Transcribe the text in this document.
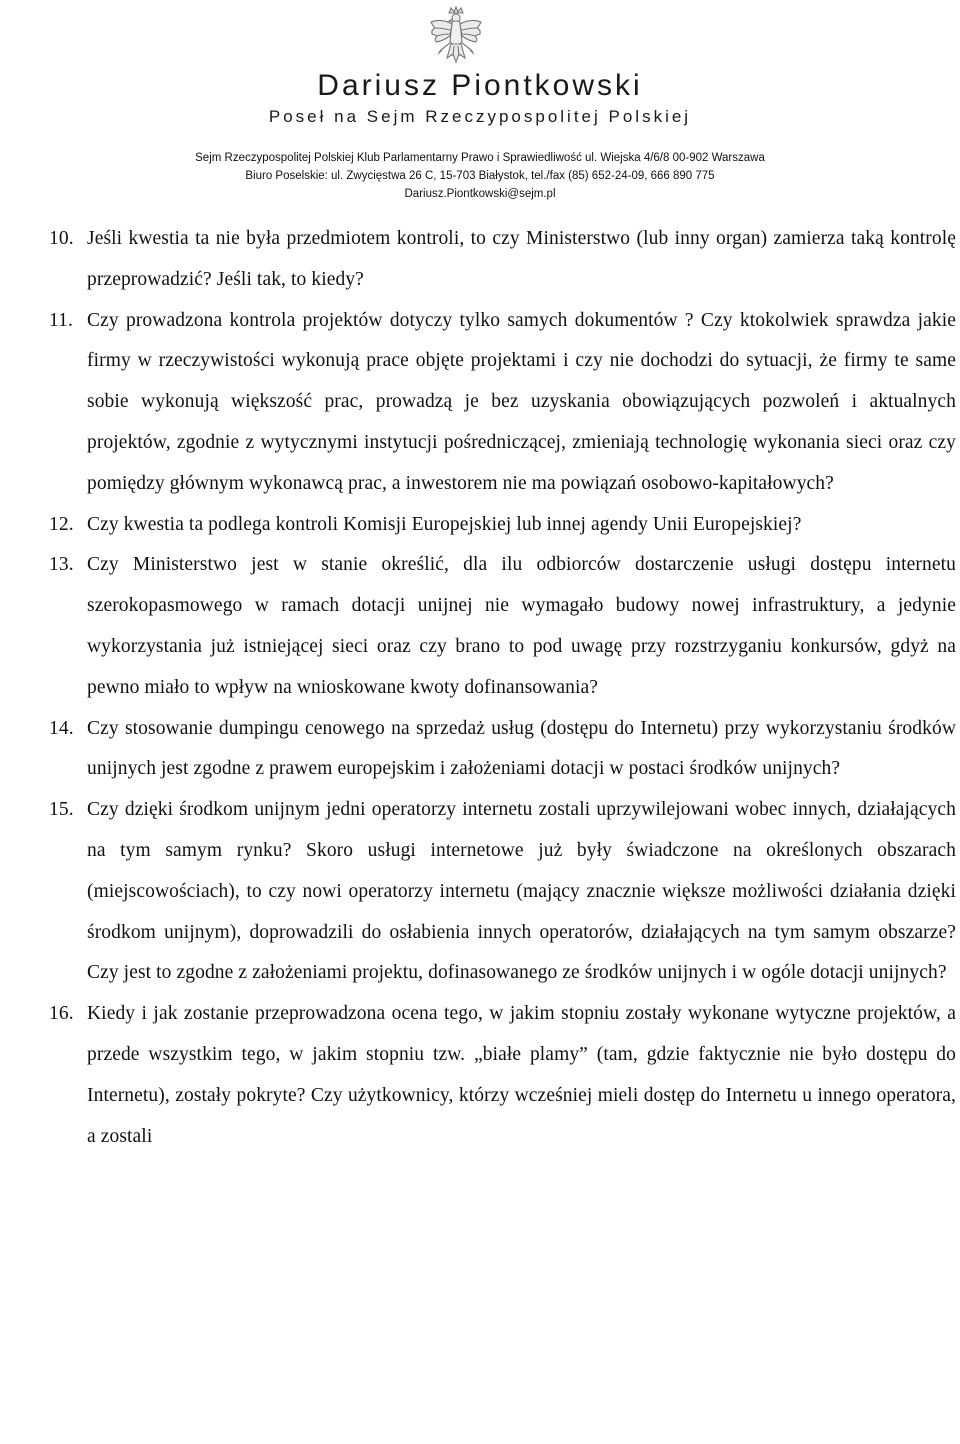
Dariusz Piontkowski
Poseł na Sejm Rzeczypospolitej Polskiej
Sejm Rzeczypospolitej Polskiej Klub Parlamentarny Prawo i Sprawiedliwość ul. Wiejska 4/6/8 00-902 Warszawa
Biuro Poselskie: ul. Zwycięstwa 26 C, 15-703 Białystok, tel./fax (85) 652-24-09, 666 890 775
Dariusz.Piontkowski@sejm.pl
10. Jeśli kwestia ta nie była przedmiotem kontroli, to czy Ministerstwo (lub inny organ) zamierza taką kontrolę przeprowadzić? Jeśli tak, to kiedy?
11. Czy prowadzona kontrola projektów dotyczy tylko samych dokumentów ? Czy ktokolwiek sprawdza jakie firmy w rzeczywistości wykonują prace objęte projektami i czy nie dochodzi do sytuacji, że firmy te same sobie wykonują większość prac, prowadzą je bez uzyskania obowiązujących pozwoleń i aktualnych projektów, zgodnie z wytycznymi instytucji pośredniczącej, zmieniają technologię wykonania sieci oraz czy pomiędzy głównym wykonawcą prac, a inwestorem nie ma powiązań osobowo-kapitałowych?
12. Czy kwestia ta podlega kontroli Komisji Europejskiej lub innej agendy Unii Europejskiej?
13. Czy Ministerstwo jest w stanie określić, dla ilu odbiorców dostarczenie usługi dostępu internetu szerokopasmowego w ramach dotacji unijnej nie wymagało budowy nowej infrastruktury, a jedynie wykorzystania już istniejącej sieci oraz czy brano to pod uwagę przy rozstrzyganiu konkursów, gdyż na pewno miało to wpływ na wnioskowane kwoty dofinansowania?
14. Czy stosowanie dumpingu cenowego na sprzedaż usług (dostępu do Internetu) przy wykorzystaniu środków unijnych jest zgodne z prawem europejskim i założeniami dotacji w postaci środków unijnych?
15. Czy dzięki środkom unijnym jedni operatorzy internetu zostali uprzywilejowani wobec innych, działających na tym samym rynku? Skoro usługi internetowe już były świadczone na określonych obszarach (miejscowościach), to czy nowi operatorzy internetu (mający znacznie większe możliwości działania dzięki środkom unijnym), doprowadzili do osłabienia innych operatorów, działających na tym samym obszarze? Czy jest to zgodne z założeniami projektu, dofinasowanego ze środków unijnych i w ogóle dotacji unijnych?
16. Kiedy i jak zostanie przeprowadzona ocena tego, w jakim stopniu zostały wykonane wytyczne projektów, a przede wszystkim tego, w jakim stopniu tzw. „białe plamy” (tam, gdzie faktycznie nie było dostępu do Internetu), zostały pokryte? Czy użytkownicy, którzy wcześniej mieli dostęp do Internetu u innego operatora, a zostali
